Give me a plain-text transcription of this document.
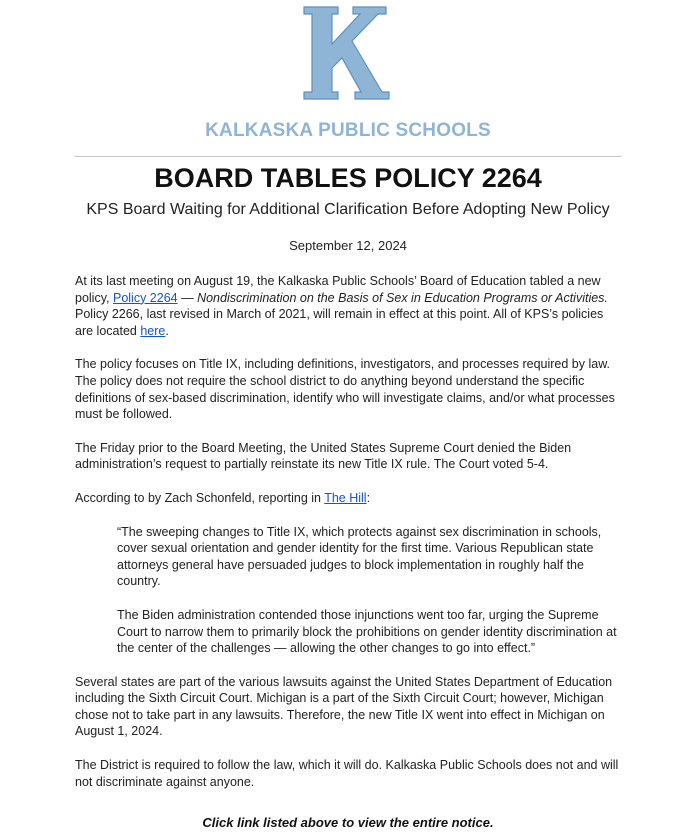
KALKASKA PUBLIC SCHOOLS
BOARD TABLES POLICY 2264
KPS Board Waiting for Additional Clarification Before Adopting New Policy
September 12, 2024

At its last meeting on August 19, the Kalkaska Public Schools’ Board of Education tabled a new policy, Policy 2264 — Nondiscrimination on the Basis of Sex in Education Programs or Activities. Policy 2266, last revised in March of 2021, will remain in effect at this point. All of KPS’s policies are located here.

The policy focuses on Title IX, including definitions, investigators, and processes required by law. The policy does not require the school district to do anything beyond understand the specific definitions of sex-based discrimination, identify who will investigate claims, and/or what processes must be followed.

The Friday prior to the Board Meeting, the United States Supreme Court denied the Biden administration’s request to partially reinstate its new Title IX rule. The Court voted 5-4.

According to by Zach Schonfeld, reporting in The Hill:

“The sweeping changes to Title IX, which protects against sex discrimination in schools, cover sexual orientation and gender identity for the first time. Various Republican state attorneys general have persuaded judges to block implementation in roughly half the country.

The Biden administration contended those injunctions went too far, urging the Supreme Court to narrow them to primarily block the prohibitions on gender identity discrimination at the center of the challenges — allowing the other changes to go into effect.”

Several states are part of the various lawsuits against the United States Department of Education including the Sixth Circuit Court. Michigan is a part of the Sixth Circuit Court; however, Michigan chose not to take part in any lawsuits. Therefore, the new Title IX went into effect in Michigan on August 1, 2024.

The District is required to follow the law, which it will do. Kalkaska Public Schools does not and will not discriminate against anyone.

Click link listed above to view the entire notice.
